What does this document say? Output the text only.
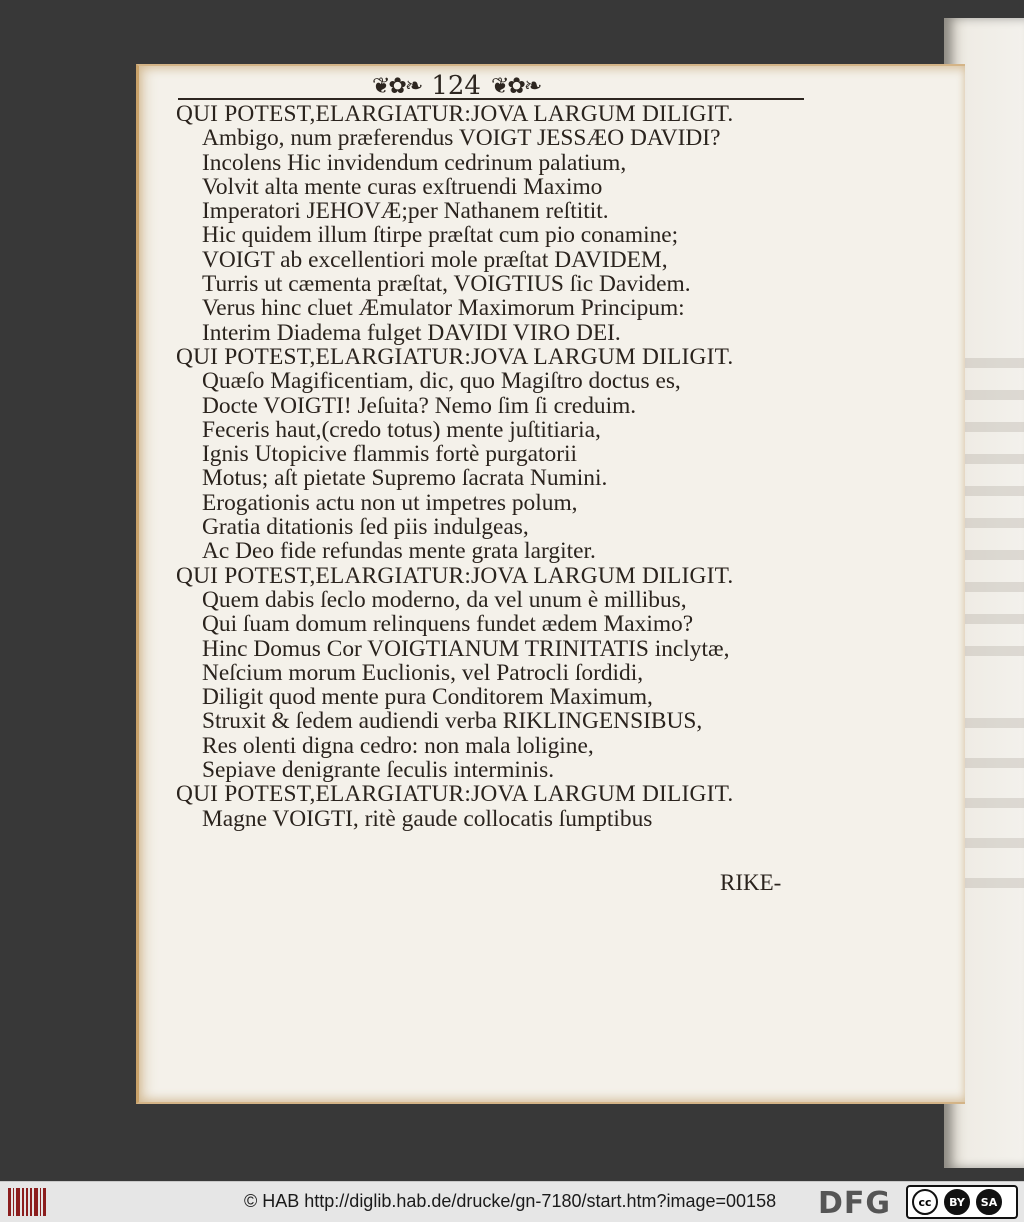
❦✿❧ 124 ❦✿❧
QUI POTEST,ELARGIATUR:JOVA LARGUM DILIGIT.
Ambigo, num præferendus VOIGT JESSÆO DAVIDI?
Incolens Hic invidendum cedrinum palatium,
Volvit alta mente curas exſtruendi Maximo
Imperatori JEHOVÆ;per Nathanem reſtitit.
Hic quidem illum ſtirpe præſtat cum pio conamine;
VOIGT ab excellentiori mole præſtat DAVIDEM,
Turris ut cæmenta præſtat, VOIGTIUS ſic Davidem.
Verus hinc cluet Æmulator Maximorum Principum:
Interim Diadema fulget DAVIDI VIRO DEI.
QUI POTEST,ELARGIATUR:JOVA LARGUM DILIGIT.
Quæſo Magificentiam, dic, quo Magiſtro doctus es,
Docte VOIGTI! Jeſuita? Nemo ſim ſi creduim.
Feceris haut,(credo totus) mente juſtitiaria,
Ignis Utopicive flammis fortè purgatorii
Motus; aſt pietate Supremo ſacrata Numini.
Erogationis actu non ut impetres polum,
Gratia ditationis ſed piis indulgeas,
Ac Deo fide refundas mente grata largiter.
QUI POTEST,ELARGIATUR:JOVA LARGUM DILIGIT.
Quem dabis ſeclo moderno, da vel unum è millibus,
Qui ſuam domum relinquens fundet ædem Maximo?
Hinc Domus Cor VOIGTIANUM TRINITATIS inclytæ,
Neſcium morum Euclionis, vel Patrocli ſordidi,
Diligit quod mente pura Conditorem Maximum,
Struxit & ſedem audiendi verba RIKLINGENSIBUS,
Res olenti digna cedro: non mala loligine,
Sepiave denigrante ſeculis interminis.
QUI POTEST,ELARGIATUR:JOVA LARGUM DILIGIT.
Magne VOIGTI, ritè gaude collocatis ſumptibus
RIKE-
© HAB http://diglib.hab.de/drucke/gn-7180/start.htm?image=00158 DFG	cc	BY	SA
